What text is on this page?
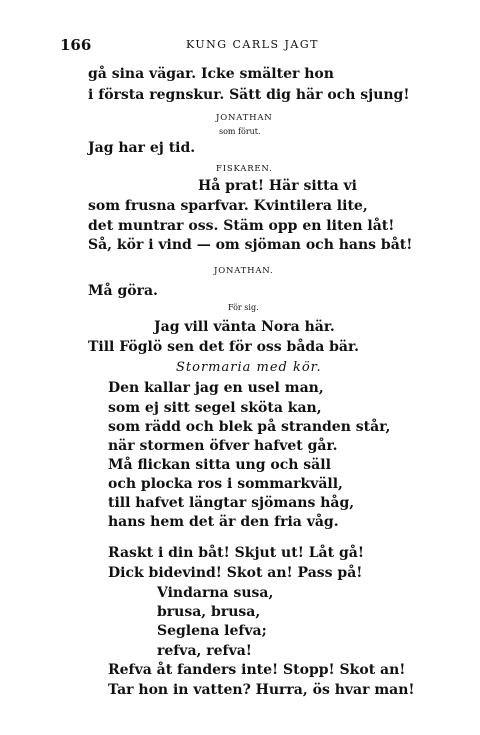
166	KUNG CARLS JAGT
gå sina vägar. Icke smälter hon
i första regnskur. Sätt dig här och sjung!
JONATHAN
som förut.
Jag har ej tid.
FISKAREN.
Hå prat! Här sitta vi
som frusna sparfvar. Kvintilera lite,
det muntrar oss. Stäm opp en liten låt!
Så, kör i vind — om sjöman och hans båt!
JONATHAN.
Må göra.
För sig.
Jag vill vänta Nora här.
Till Föglö sen det för oss båda bär.
Stormaria med kör.
Den kallar jag en usel man,
som ej sitt segel sköta kan,
som rädd och blek på stranden står,
när stormen öfver hafvet går.
Må flickan sitta ung och säll
och plocka ros i sommarkväll,
till hafvet längtar sjömans håg,
hans hem det är den fria våg.
Raskt i din båt! Skjut ut! Låt gå!
Dick bidevind! Skot an! Pass på!
Vindarna susa,
brusa, brusa,
Seglena lefva;
refva, refva!
Refva åt fanders inte! Stopp! Skot an!
Tar hon in vatten? Hurra, ös hvar man!
